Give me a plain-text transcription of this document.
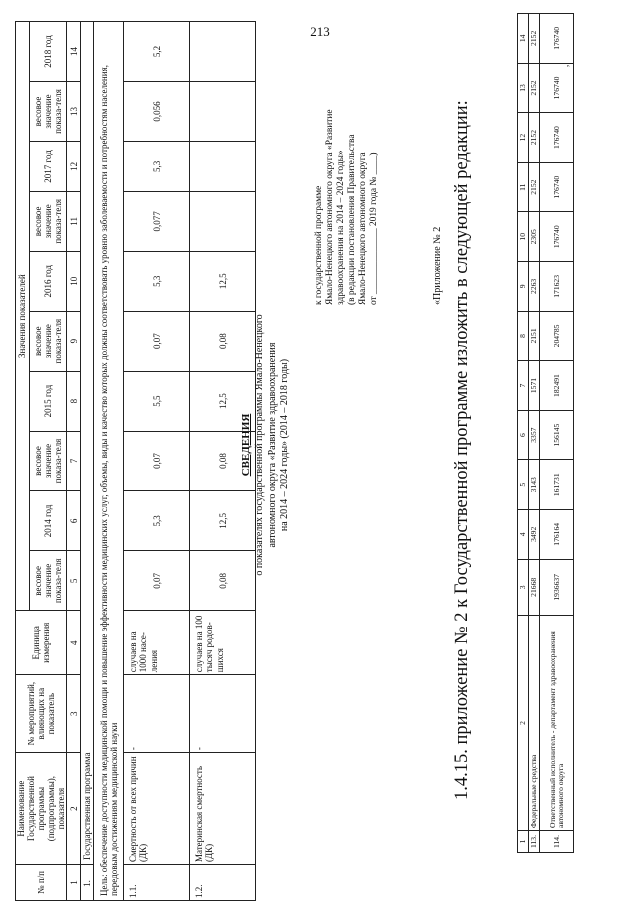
213
1	2	3	4	5	6	7	8	9	10	11	12	13	14
113.	Федеральные средства	21668	3492	3143	3357	1571	2151	2263	2305	2152	2152	2152	2152
114.	Ответственный исполнитель - департамент здравоохранения автономного округа	1936637	176164	161731	156145	182491	204785	171623	176740	176740	176740	176740	176740
,
1.4.15. приложение № 2 к Государственной программе изложить в следующей редакции:
«Приложение № 2
к государственной программе Ямало-Ненецкого автономного округа «Развитие здравоохранения на 2014 – 2024 годы» (в редакции постановления Правительства Ямало-Ненецкого автономного округа от ______________ 2019 года № ____)
СВЕДЕНИЯ о показателях государственной программы Ямало-Ненецкого автономного округа «Развитие здравоохранения на 2014 – 2024 годы» (2014 – 2018 годы)
№ п/п	Наименование Государственной программы (подпрограммы), показателя	№ мероприятий, влияющих на показатель	Единица измерения	Значения показателей									
				весовое значение показа-теля	2014 год	весовое значение показа-теля	2015 год	весовое значение показа-теля	2016 год	весовое значение показа-теля	2017 год	весовое значение показа-теля	2018 год

1	2	3	4	5	6	7	8	9	10	11	12	13	14
1.	Государственная программа												
Цель: обеспечение доступности медицинской помощи и повышение эффективности медицинских услуг, объемы, виды и качество которых должны соответствовать уровню заболеваемости и потребностям населения, передовым достижениям медицинской науки													
1.1.	Смертность от всех причин (ДК)	-	случаев на 1000 насе-ления	0,07	5,3	0,07	5,5	0,07	5,3	0,077	5,3	0,056	5,2
1.2.	Материнская смертность (ДК)	-	случаев на 100 тысяч родов-шихся	0,08	12,5	0,08	12,5	0,08	12,5				
